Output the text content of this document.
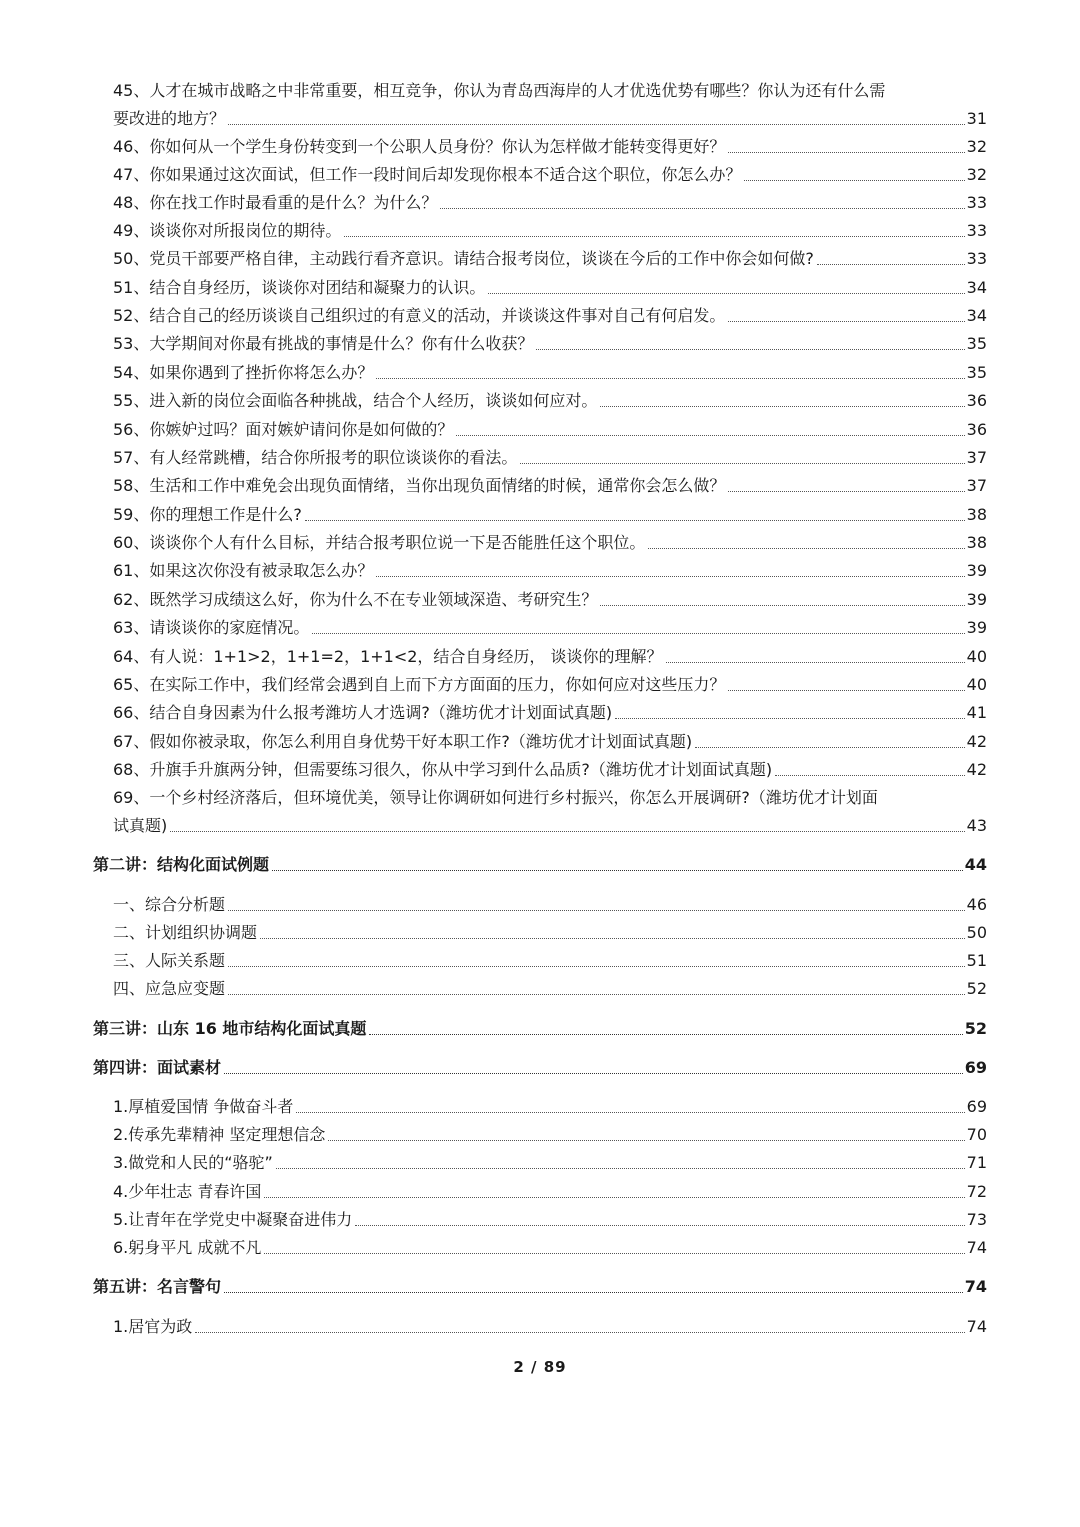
45、人才在城市战略之中非常重要，相互竞争，你认为青岛西海岸的人才优选优势有哪些？你认为还有什么需
要改进的地方？	31
46、你如何从一个学生身份转变到一个公职人员身份？你认为怎样做才能转变得更好？	32
47、你如果通过这次面试，但工作一段时间后却发现你根本不适合这个职位，你怎么办？	32
48、你在找工作时最看重的是什么？为什么？	33
49、谈谈你对所报岗位的期待。	33
50、党员干部要严格自律，主动践行看齐意识。请结合报考岗位，谈谈在今后的工作中你会如何做?	33
51、结合自身经历，谈谈你对团结和凝聚力的认识。	34
52、结合自己的经历谈谈自己组织过的有意义的活动，并谈谈这件事对自己有何启发。	34
53、大学期间对你最有挑战的事情是什么？你有什么收获？	35
54、如果你遇到了挫折你将怎么办？	35
55、进入新的岗位会面临各种挑战，结合个人经历，谈谈如何应对。	36
56、你嫉妒过吗？面对嫉妒请问你是如何做的？	36
57、有人经常跳槽，结合你所报考的职位谈谈你的看法。	37
58、生活和工作中难免会出现负面情绪，当你出现负面情绪的时候，通常你会怎么做？	37
59、你的理想工作是什么?	38
60、谈谈你个人有什么目标，并结合报考职位说一下是否能胜任这个职位。	38
61、如果这次你没有被录取怎么办？	39
62、既然学习成绩这么好，你为什么不在专业领域深造、考研究生？	39
63、请谈谈你的家庭情况。	39
64、有人说：1+1>2，1+1=2，1+1<2，结合自身经历， 谈谈你的理解？	40
65、在实际工作中，我们经常会遇到自上而下方方面面的压力，你如何应对这些压力？	40
66、结合自身因素为什么报考潍坊人才选调?（潍坊优才计划面试真题)	41
67、假如你被录取，你怎么利用自身优势干好本职工作?（潍坊优才计划面试真题)	42
68、升旗手升旗两分钟，但需要练习很久，你从中学习到什么品质?（潍坊优才计划面试真题)	42
69、一个乡村经济落后，但环境优美，领导让你调研如何进行乡村振兴，你怎么开展调研?（潍坊优才计划面
试真题)	43
第二讲：结构化面试例题	44
一、综合分析题	46
二、计划组织协调题	50
三、人际关系题	51
四、应急应变题	52
第三讲：山东 16 地市结构化面试真题	52
第四讲：面试素材	69
1.厚植爱国情 争做奋斗者	69
2.传承先辈精神 坚定理想信念	70
3.做党和人民的“骆驼”	71
4.少年壮志 青春许国	72
5.让青年在学党史中凝聚奋进伟力	73
6.躬身平凡 成就不凡	74
第五讲：名言警句	74
1.居官为政	74
2 / 89
